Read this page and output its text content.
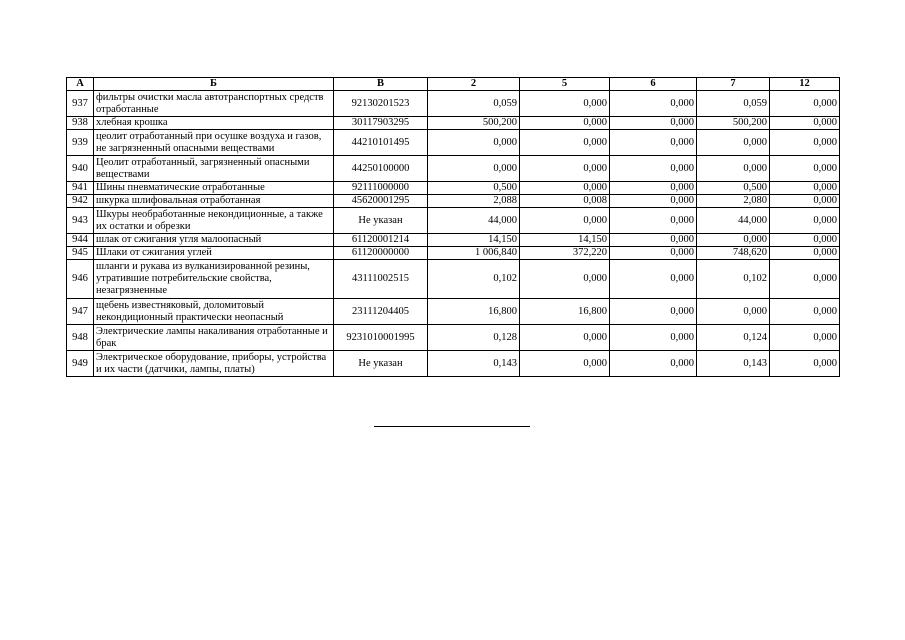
А	Б	В	2	5	6	7	12
937	фильтры очистки масла автотранспортных средств отработанные	92130201523	0,059	0,000	0,000	0,059	0,000
938	хлебная крошка	30117903295	500,200	0,000	0,000	500,200	0,000
939	цеолит отработанный при осушке воздуха и газов, не загрязненный опасными веществами	44210101495	0,000	0,000	0,000	0,000	0,000
940	Цеолит отработанный, загрязненный опасными веществами	44250100000	0,000	0,000	0,000	0,000	0,000
941	Шины пневматические отработанные	92111000000	0,500	0,000	0,000	0,500	0,000
942	шкурка шлифовальная отработанная	45620001295	2,088	0,008	0,000	2,080	0,000
943	Шкуры необработанные некондиционные, а также их остатки и обрезки	Не указан	44,000	0,000	0,000	44,000	0,000
944	шлак от сжигания угля малоопасный	61120001214	14,150	14,150	0,000	0,000	0,000
945	Шлаки от сжигания углей	61120000000	1 006,840	372,220	0,000	748,620	0,000
946	шланги и рукава из вулканизированной резины, утратившие потребительские свойства, незагрязненные	43111002515	0,102	0,000	0,000	0,102	0,000
947	щебень известняковый, доломитовый некондиционный практически неопасный	23111204405	16,800	16,800	0,000	0,000	0,000
948	Электрические лампы накаливания отработанные и брак	9231010001995	0,128	0,000	0,000	0,124	0,000
949	Электрическое оборудование, приборы, устройства и их части (датчики, лампы, платы)	Не указан	0,143	0,000	0,000	0,143	0,000
